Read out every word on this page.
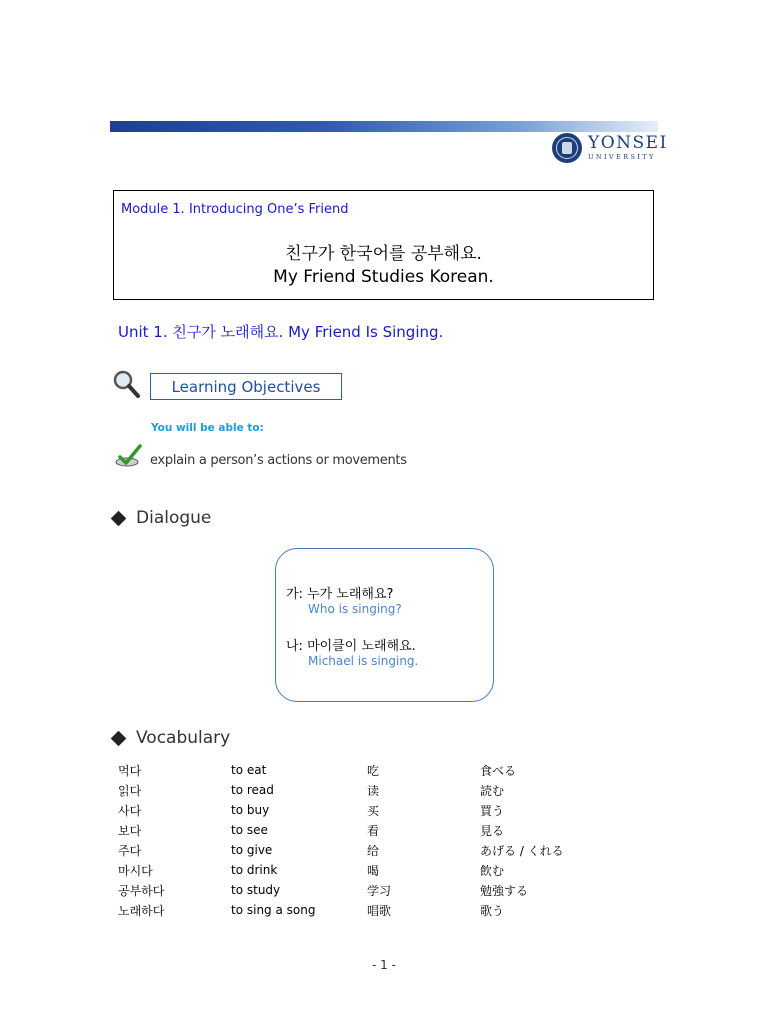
YONSEI
UNIVERSITY
Module 1. Introducing One’s Friend
친구가 한국어를 공부해요.
My Friend Studies Korean.
Unit 1. 친구가 노래해요. My Friend Is Singing.
Learning Objectives
You will be able to:
explain a person’s actions or movements
Dialogue
가: 누가 노래해요?
Who is singing?
나: 마이클이 노래해요.
Michael is singing.
Vocabulary
먹다	to eat	吃	食べる
읽다	to read	读	読む
사다	to buy	买	買う
보다	to see	看	見る
주다	to give	给	あげる / くれる
마시다	to drink	喝	飲む
공부하다	to study	学习	勉強する
노래하다	to sing a song	唱歌	歌う
- 1 -
